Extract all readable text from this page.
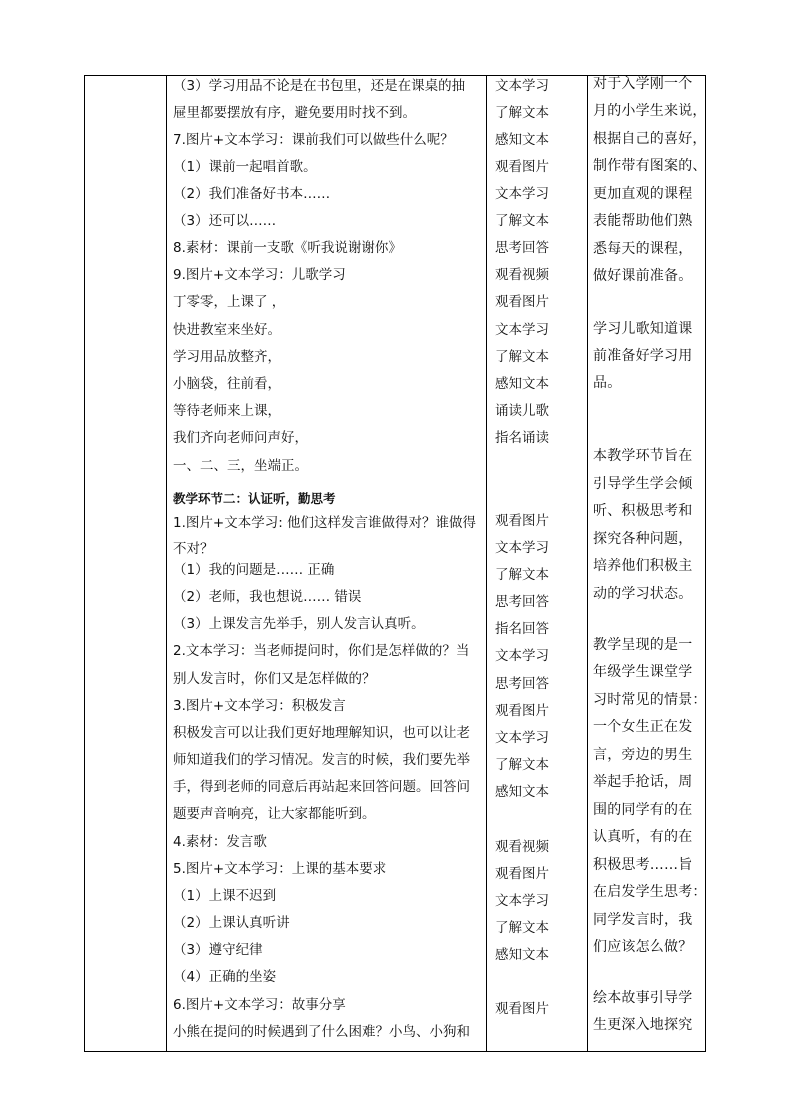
（3）学习用品不论是在书包里，还是在课桌的抽
屉里都要摆放有序，避免要用时找不到。
7.图片+文本学习：课前我们可以做些什么呢？
（1）课前一起唱首歌。
（2）我们准备好书本……
（3）还可以……
8.素材：课前一支歌《听我说谢谢你》
9.图片+文本学习：儿歌学习
丁零零，上课了 ，
快进教室来坐好。
学习用品放整齐，
小脑袋，往前看，
等待老师来上课，
我们齐向老师问声好，
一、二、三，坐端正。
教学环节二：认证听，勤思考
1.图片+文本学习: 他们这样发言谁做得对？谁做得
不对？
（1）我的问题是…… 正确
（2）老师，我也想说…… 错误
（3）上课发言先举手，别人发言认真听。
2.文本学习：当老师提问时，你们是怎样做的？当
别人发言时，你们又是怎样做的？
3.图片+文本学习：积极发言
积极发言可以让我们更好地理解知识，也可以让老
师知道我们的学习情况。发言的时候，我们要先举
手，得到老师的同意后再站起来回答问题。回答问
题要声音响亮，让大家都能听到。
4.素材：发言歌
5.图片+文本学习：上课的基本要求
（1）上课不迟到
（2）上课认真听讲
（3）遵守纪律
（4）正确的坐姿
6.图片+文本学习：故事分享
小熊在提问的时候遇到了什么困难？小鸟、小狗和
文本学习
了解文本
感知文本
观看图片
文本学习
了解文本
思考回答
观看视频
观看图片
文本学习
了解文本
感知文本
诵读儿歌
指名诵读
观看图片
文本学习
了解文本
思考回答
指名回答
文本学习
思考回答
观看图片
文本学习
了解文本
感知文本
观看视频
观看图片
文本学习
了解文本
感知文本
观看图片
对于入学刚一个
月的小学生来说，
根据自己的喜好，
制作带有图案的、
更加直观的课程
表能帮助他们熟
悉每天的课程，
做好课前准备。
学习儿歌知道课
前准备好学习用
品。
本教学环节旨在
引导学生学会倾
听、积极思考和
探究各种问题，
培养他们积极主
动的学习状态。
教学呈现的是一
年级学生课堂学
习时常见的情景：
一个女生正在发
言，旁边的男生
举起手抢话，周
围的同学有的在
认真听，有的在
积极思考……旨
在启发学生思考：
同学发言时，我
们应该怎么做？
绘本故事引导学
生更深入地探究
